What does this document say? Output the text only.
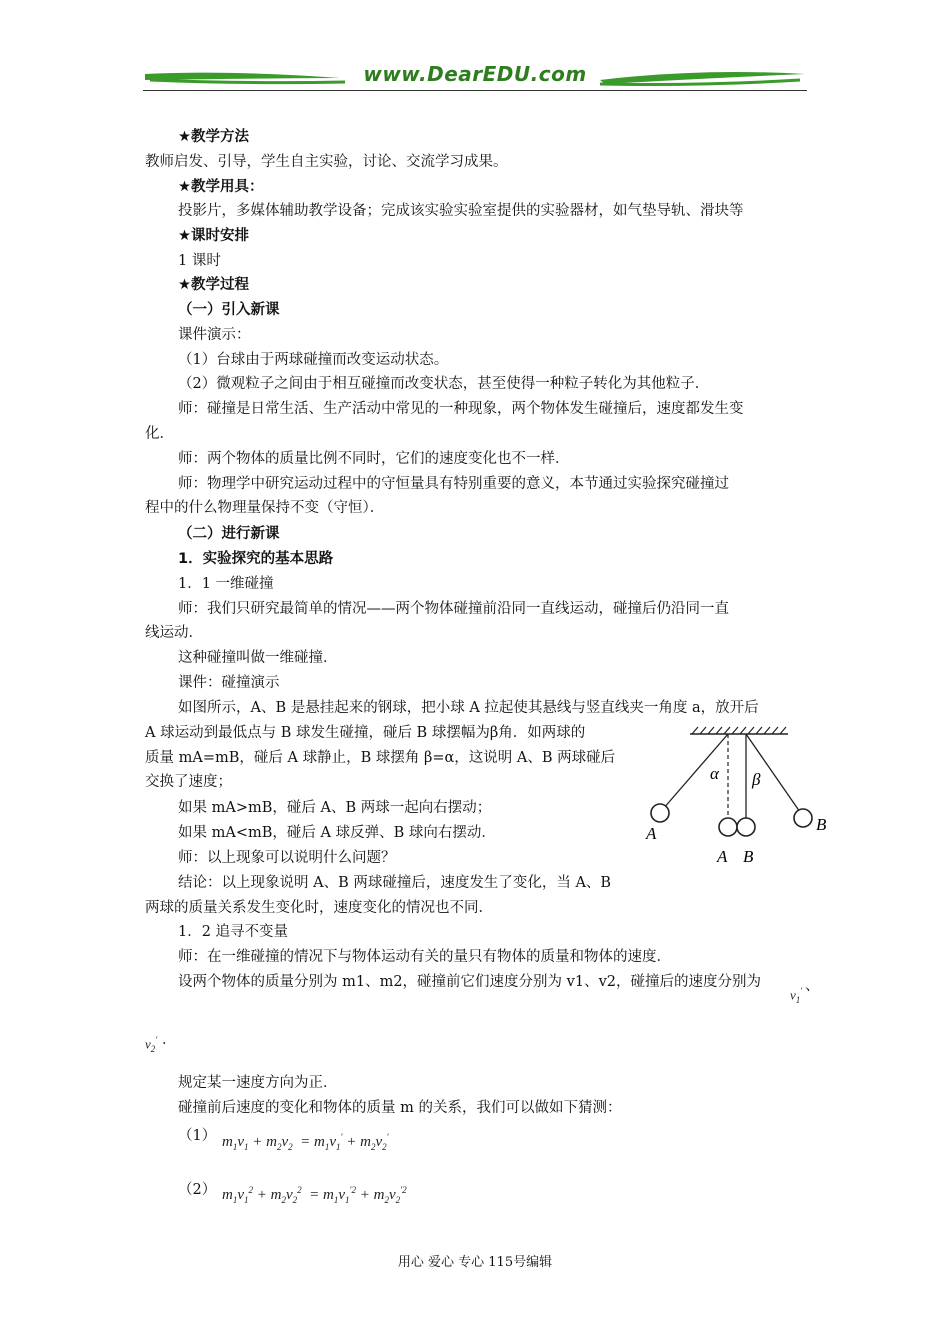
www.DearEDU.com
★教学方法
教师启发、引导，学生自主实验，讨论、交流学习成果。
★教学用具：
投影片，多媒体辅助教学设备；完成该实验实验室提供的实验器材，如气垫导轨、滑块等
★课时安排
1 课时
★教学过程
（一）引入新课
课件演示：
（1）台球由于两球碰撞而改变运动状态。
（2）微观粒子之间由于相互碰撞而改变状态，甚至使得一种粒子转化为其他粒子．
师：碰撞是日常生活、生产活动中常见的一种现象，两个物体发生碰撞后，速度都发生变
化．
师：两个物体的质量比例不同时，它们的速度变化也不一样．
师：物理学中研究运动过程中的守恒量具有特别重要的意义，本节通过实验探究碰撞过
程中的什么物理量保持不变（守恒）．
（二）进行新课
1．实验探究的基本思路
1．1 一维碰撞
师：我们只研究最简单的情况——两个物体碰撞前沿同一直线运动，碰撞后仍沿同一直
线运动．
这种碰撞叫做一维碰撞．
课件：碰撞演示
如图所示，A、B 是悬挂起来的钢球，把小球 A 拉起使其悬线与竖直线夹一角度 a，放开后
A 球运动到最低点与 B 球发生碰撞，碰后 B 球摆幅为β角．如两球的
质量 mA=mB，碰后 A 球静止，B 球摆角 β=α，这说明 A、B 两球碰后
交换了速度；
如果 mA>mB，碰后 A、B 两球一起向右摆动；
如果 mA<mB，碰后 A 球反弹、B 球向右摆动．
师：以上现象可以说明什么问题？
结论：以上现象说明 A、B 两球碰撞后，速度发生了变化，当 A、B
两球的质量关系发生变化时，速度变化的情况也不同．
1．2 追寻不变量
师：在一维碰撞的情况下与物体运动有关的量只有物体的质量和物体的速度．
设两个物体的质量分别为 m1、m2，碰撞前它们速度分别为 v1、v2，碰撞后的速度分别为
$v_1'$ 、
$v_2'$ ．
规定某一速度方向为正．
碰撞前后速度的变化和物体的质量 m 的关系，我们可以做如下猜测：
（1） $m_1v_1 + m_2v_2 = m_1v_1' + m_2v_2'$
（2） $m_1v_1^2 + m_2v_2^2 = m_1v_1^{'2} + m_2v_2^{'2}$
α β
A
A B
B
用心 爱心 专心 115号编辑
